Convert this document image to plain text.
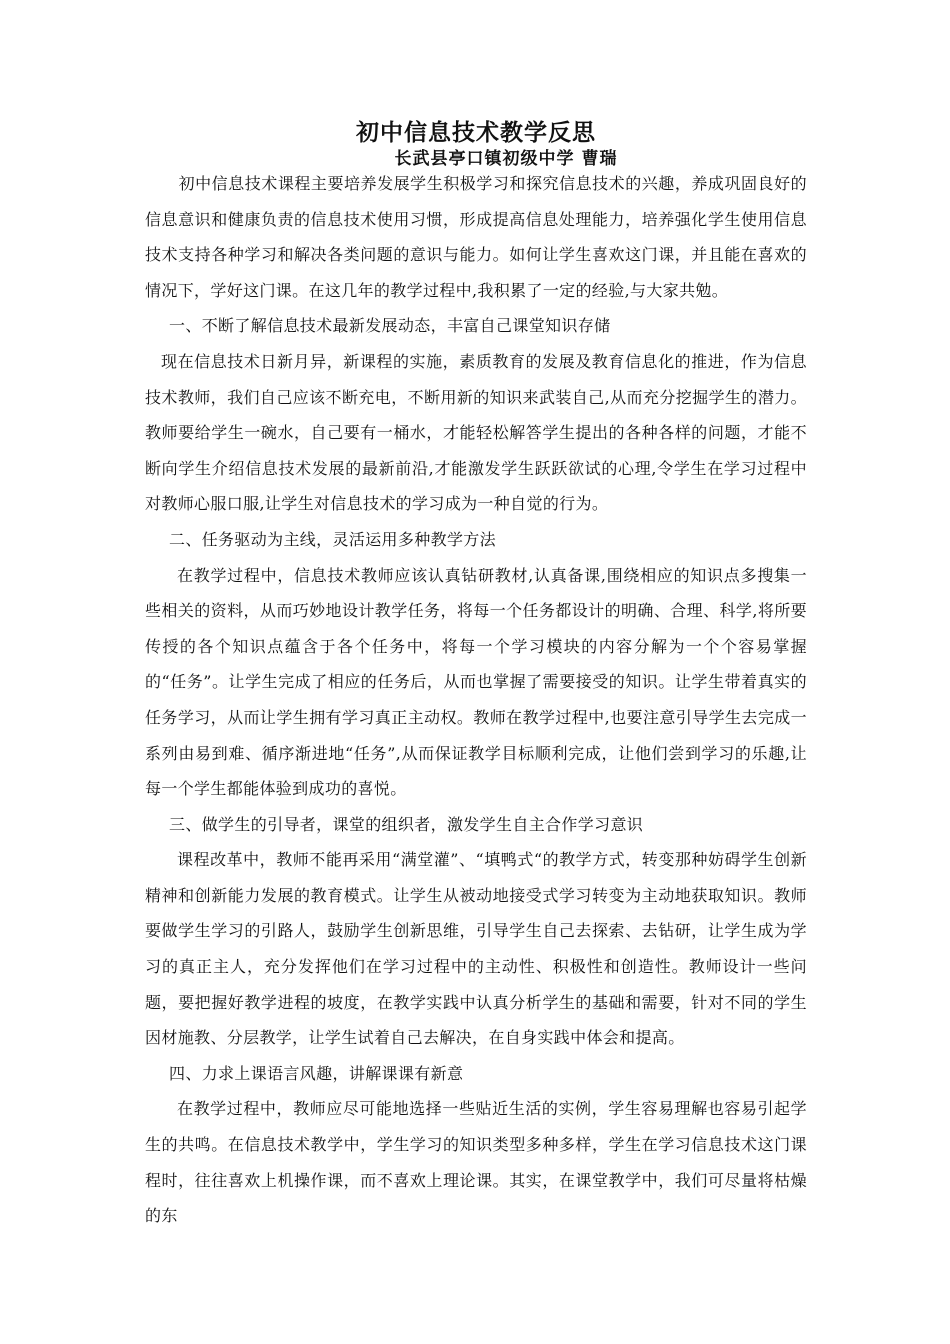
初中信息技术教学反思

长武县亭口镇初级中学 曹瑞

初中信息技术课程主要培养发展学生积极学习和探究信息技术的兴趣，养成巩固良好的信息意识和健康负责的信息技术使用习惯，形成提高信息处理能力，培养强化学生使用信息技术支持各种学习和解决各类问题的意识与能力。如何让学生喜欢这门课，并且能在喜欢的情况下，学好这门课。在这几年的教学过程中,我积累了一定的经验,与大家共勉。

一、不断了解信息技术最新发展动态，丰富自己课堂知识存储

现在信息技术日新月异，新课程的实施，素质教育的发展及教育信息化的推进，作为信息技术教师，我们自己应该不断充电，不断用新的知识来武装自己,从而充分挖掘学生的潜力。教师要给学生一碗水，自己要有一桶水，才能轻松解答学生提出的各种各样的问题，才能不断向学生介绍信息技术发展的最新前沿,才能激发学生跃跃欲试的心理,令学生在学习过程中对教师心服口服,让学生对信息技术的学习成为一种自觉的行为。

二、任务驱动为主线，灵活运用多种教学方法

在教学过程中，信息技术教师应该认真钻研教材,认真备课,围绕相应的知识点多搜集一些相关的资料，从而巧妙地设计教学任务，将每一个任务都设计的明确、合理、科学,将所要传授的各个知识点蕴含于各个任务中，将每一个学习模块的内容分解为一个个容易掌握的“任务”。让学生完成了相应的任务后，从而也掌握了需要接受的知识。让学生带着真实的任务学习，从而让学生拥有学习真正主动权。教师在教学过程中,也要注意引导学生去完成一系列由易到难、循序渐进地“任务”,从而保证教学目标顺利完成，让他们尝到学习的乐趣,让每一个学生都能体验到成功的喜悦。

三、做学生的引导者，课堂的组织者，激发学生自主合作学习意识

课程改革中，教师不能再采用“满堂灌”、“填鸭式“的教学方式，转变那种妨碍学生创新精神和创新能力发展的教育模式。让学生从被动地接受式学习转变为主动地获取知识。教师要做学生学习的引路人，鼓励学生创新思维，引导学生自己去探索、去钻研，让学生成为学习的真正主人，充分发挥他们在学习过程中的主动性、积极性和创造性。教师设计一些问题，要把握好教学进程的坡度，在教学实践中认真分析学生的基础和需要，针对不同的学生因材施教、分层教学，让学生试着自己去解决，在自身实践中体会和提高。

四、力求上课语言风趣，讲解课课有新意

在教学过程中，教师应尽可能地选择一些贴近生活的实例，学生容易理解也容易引起学生的共鸣。在信息技术教学中，学生学习的知识类型多种多样，学生在学习信息技术这门课程时，往往喜欢上机操作课，而不喜欢上理论课。其实，在课堂教学中，我们可尽量将枯燥的东
